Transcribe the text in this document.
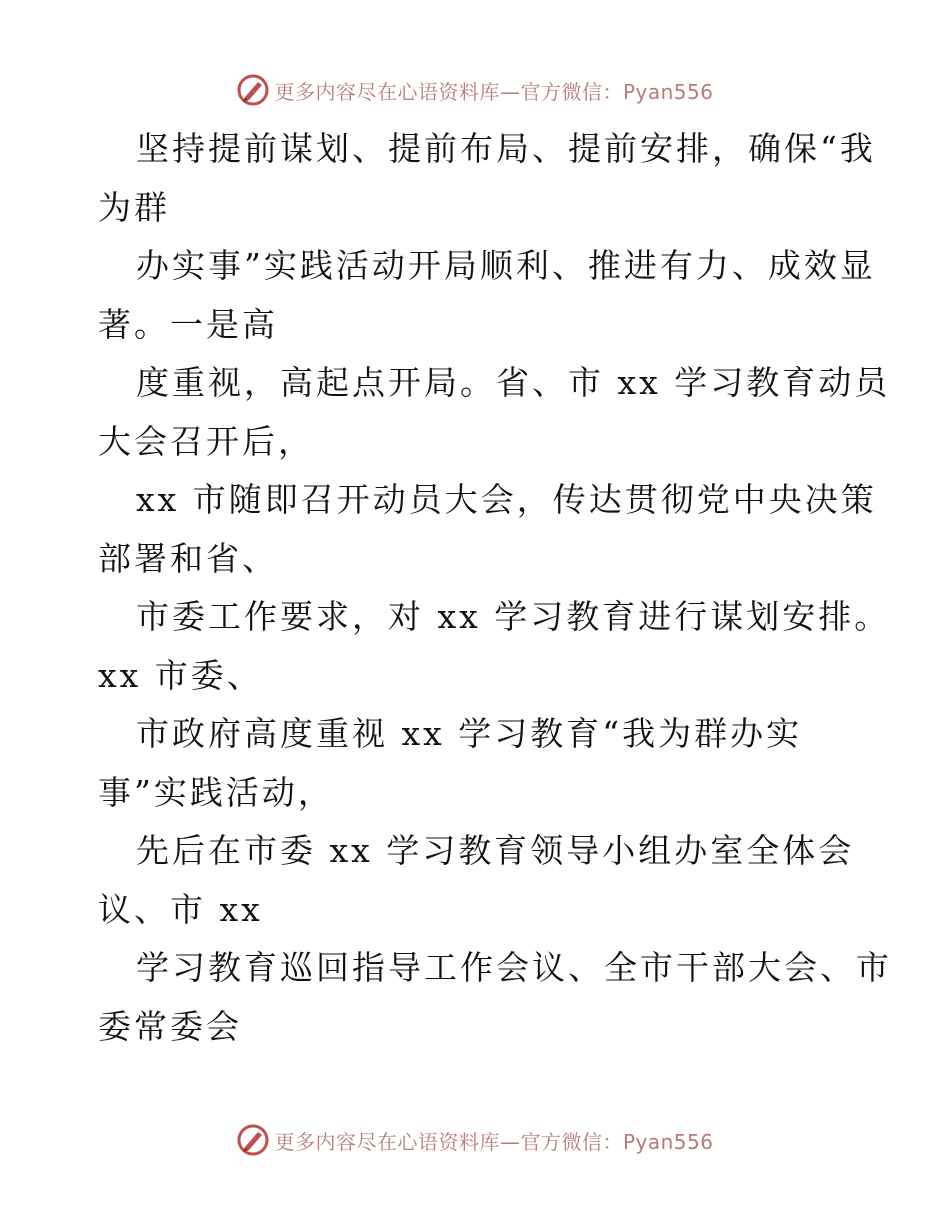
更多内容尽在心语资料库—官方微信：Pyan556

坚持提前谋划、提前布局、提前安排，确保“我
为群

办实事”实践活动开局顺利、推进有力、成效显
著。一是高

度重视，高起点开局。省、市 xx 学习教育动员
大会召开后，

xx 市随即召开动员大会，传达贯彻党中央决策
部署和省、

市委工作要求，对 xx 学习教育进行谋划安排。
xx 市委、

市政府高度重视 xx 学习教育“我为群办实
事”实践活动，

先后在市委 xx 学习教育领导小组办室全体会
议、市 xx

学习教育巡回指导工作会议、全市干部大会、市
委常委会

更多内容尽在心语资料库—官方微信：Pyan556
